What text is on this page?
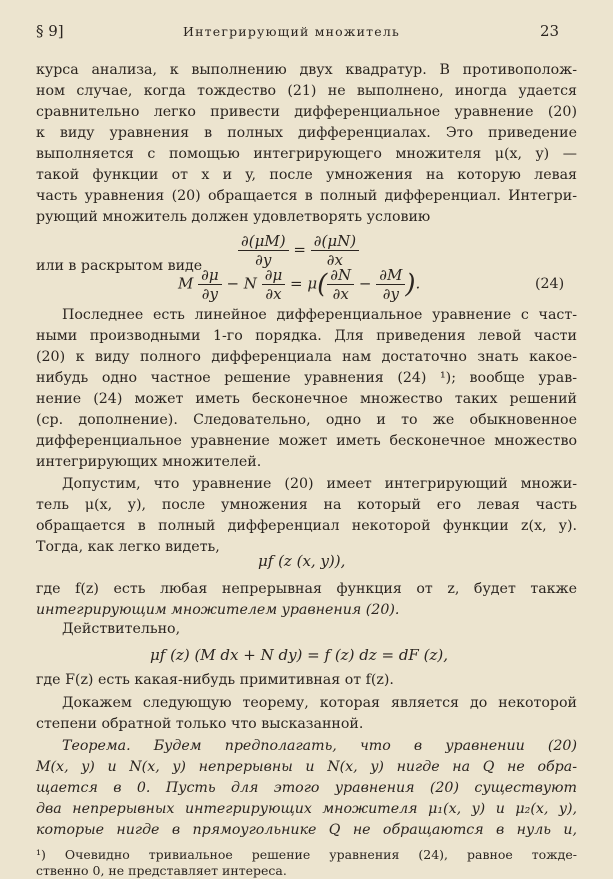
§ 9]	Интегрирующий множитель	23
курса анализа, к выполнению двух квадратур. В противополож-
ном случае, когда тождество (21) не выполнено, иногда удается
сравнительно легко привести дифференциальное уравнение (20)
к виду уравнения в полных дифференциалах. Это приведение
выполняется с помощью интегрирующего множителя μ(x, y) —
такой функции от x и y, после умножения на которую левая
часть уравнения (20) обращается в полный дифференциал. Интегри-
рующий множитель должен удовлетворять условию
$\frac{\partial(\mu M)}{\partial y} = \frac{\partial(\mu N)}{\partial x}$
или в раскрытом виде
M $\frac{\partial\mu}{\partial y} - N \frac{\partial\mu}{\partial x} = \mu( \frac{\partial N}{\partial x} - \frac{\partial M}{\partial y}$ ).	(24)
Последнее есть линейное дифференциальное уравнение с част-
ными производными 1-го порядка. Для приведения левой части
(20) к виду полного дифференциала нам достаточно знать какое-
нибудь одно частное решение уравнения (24) ¹); вообще урав-
нение (24) может иметь бесконечное множество таких решений
(ср. дополнение). Следовательно, одно и то же обыкновенное
дифференциальное уравнение может иметь бесконечное множество
интегрирующих множителей.
Допустим, что уравнение (20) имеет интегрирующий множи-
тель μ(x, y), после умножения на который его левая часть
обращается в полный дифференциал некоторой функции z(x, y).
Тогда, как легко видеть,
μf (z (x, y)),
где f(z) есть любая непрерывная функция от z, будет также
интегрирующим множителем уравнения (20).
Действительно,
μf (z) (M dx + N dy) = f (z) dz = dF (z),
где F(z) есть какая-нибудь примитивная от f(z).
Докажем следующую теорему, которая является до некоторой
степени обратной только что высказанной.
Теорема. Будем предполагать, что в уравнении (20)
M(x, y) и N(x, y) непрерывны и N(x, y) нигде на Q не обра-
щается в 0. Пусть для этого уравнения (20) существуют
два непрерывных интегрирующих множителя μ₁(x, y) и μ₂(x, y),
которые нигде в прямоугольнике Q не обращаются в нуль и,
¹) Очевидно тривиальное решение уравнения (24), равное тожде-
ственно 0, не представляет интереса.
